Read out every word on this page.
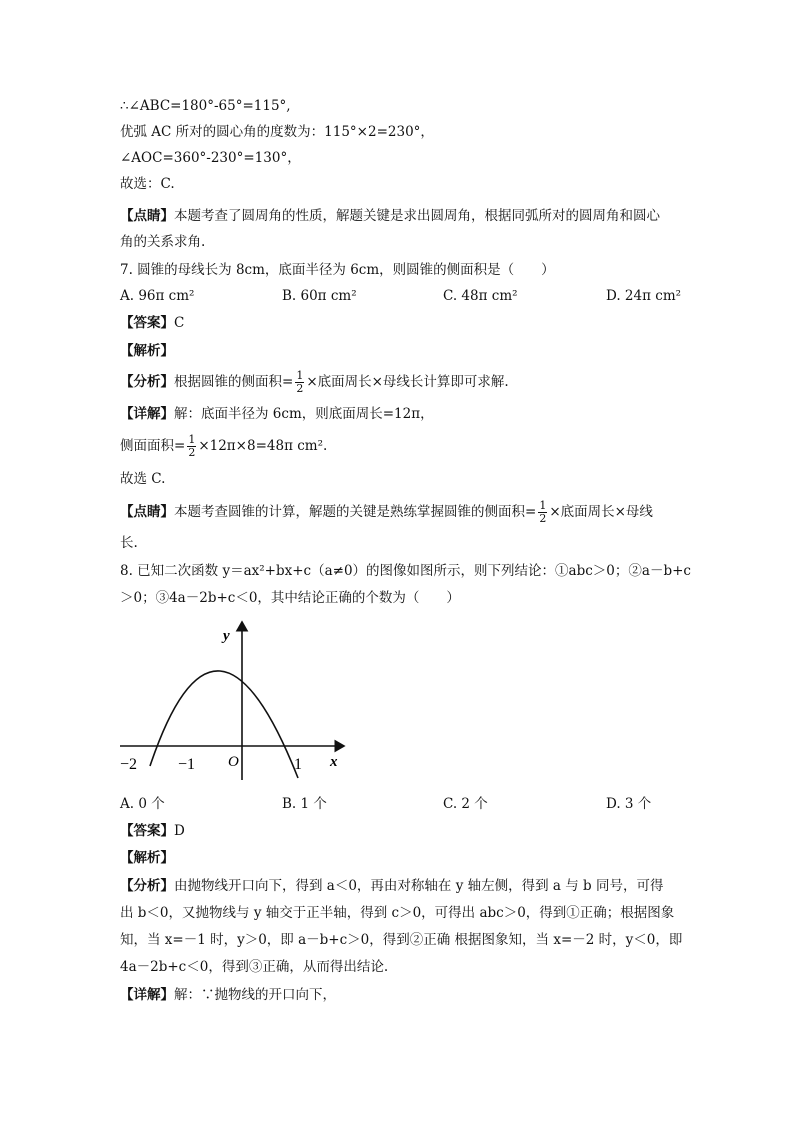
∴∠ABC=180°-65°=115°,
优弧 AC 所对的圆心角的度数为：115°×2=230°，
∠AOC=360°-230°=130°，
故选：C.
【点睛】本题考查了圆周角的性质，解题关键是求出圆周角，根据同弧所对的圆周角和圆心
角的关系求角.
7. 圆锥的母线长为 8cm，底面半径为 6cm，则圆锥的侧面积是（　　）
A. 96π cm²	B. 60π cm²	C. 48π cm²	D. 24π cm²
【答案】C
【解析】
【分析】根据圆锥的侧面积= $\frac{1}{2}$ ×底面周长×母线长计算即可求解.
【详解】解：底面半径为 6cm，则底面周长=12π，
侧面面积= $\frac{1}{2} \times 12\pi\times 8=48\pi$ cm².
故选 C.
【点睛】本题考查圆锥的计算，解题的关键是熟练掌握圆锥的侧面积= $\frac{1}{2}$ ×底面周长×母线
长.
8. 已知二次函数 y＝ax²+bx+c（a≠0）的图像如图所示，则下列结论：①abc＞0；②a－b+c
＞0；③4a－2b+c＜0，其中结论正确的个数为（　　）
y
x
O
−2	−1	1
A. 0 个	B. 1 个	C. 2 个	D. 3 个
【答案】D
【解析】
【分析】由抛物线开口向下，得到 a＜0，再由对称轴在 y 轴左侧，得到 a 与 b 同号，可得
出 b＜0，又抛物线与 y 轴交于正半轴，得到 c＞0，可得出 abc＞0，得到①正确；根据图象
知，当 x=－1 时，y＞0，即 a－b+c＞0，得到②正确 根据图象知，当 x=－2 时，y＜0，即
4a－2b+c＜0，得到③正确，从而得出结论.
【详解】解：∵抛物线的开口向下，
